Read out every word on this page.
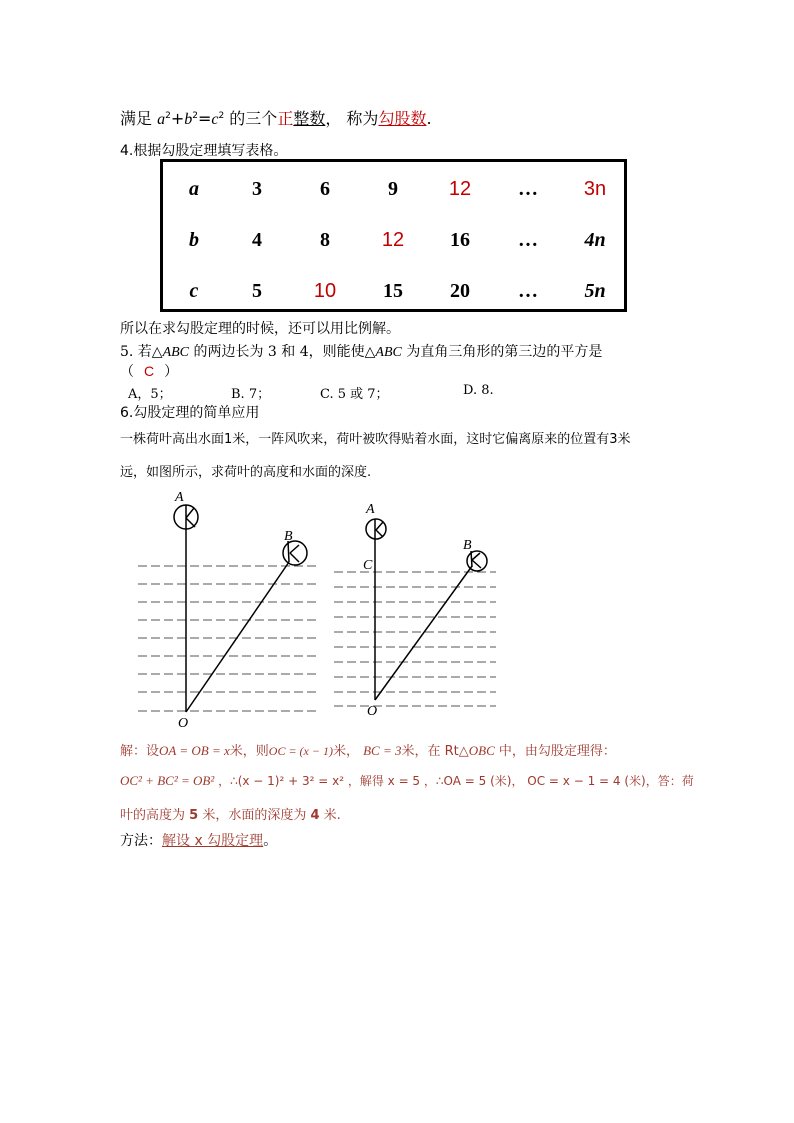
满足 $a^2+b^2=c^2$ 的三个正整数， 称为勾股数.
4.根据勾股定理填写表格。
a	3	6	9	12	…	3n
b	4	8	12	16	…	4n
c	5	10	15	20	…	5n
所以在求勾股定理的时候，还可以用比例解。
5. 若△ABC 的两边长为 3 和 4，则能使△ABC 为直角三角形的第三边的平方是
（ C ）
A，5；	B. 7；	C. 5 或 7；	D. 8.
6.勾股定理的简单应用
一株荷叶高出水面1米，一阵风吹来，荷叶被吹得贴着水面，这时它偏离原来的位置有3米
远，如图所示，求荷叶的高度和水面的深度.
A
B
O
A
B
C
O
解：设OA = OB = x米，则OC = (x − 1)米， BC = 3米，在 Rt△OBC 中，由勾股定理得：
OC² + BC² = OB² ，∴(x − 1)² + 3² = x² ，解得 x = 5 ，∴OA = 5 (米)， OC = x − 1 = 4 (米)，答：荷
叶的高度为 5 米，水面的深度为 4 米.
方法：解设 x 勾股定理。
